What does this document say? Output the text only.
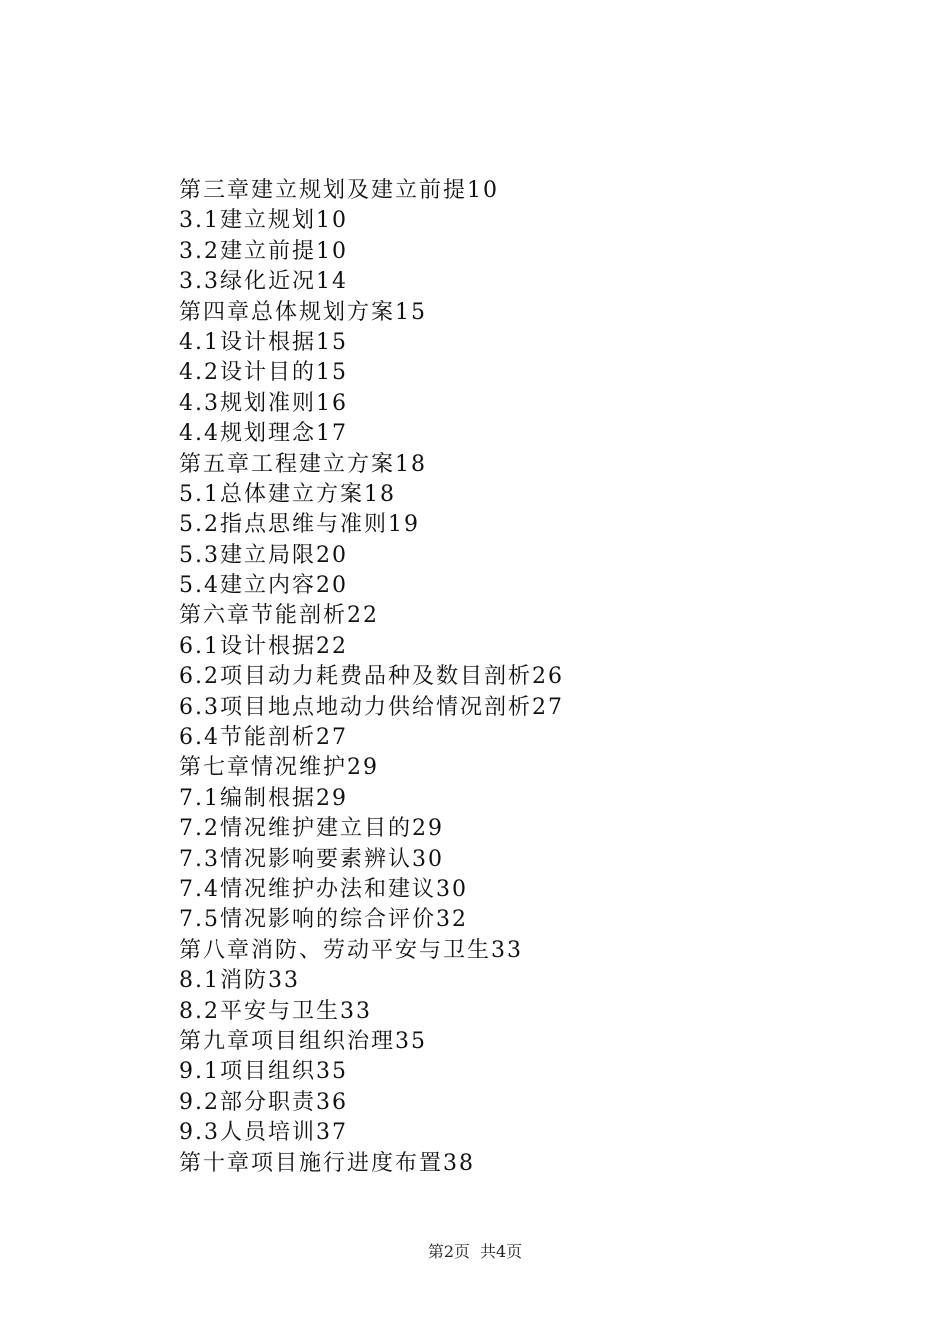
第三章建立规划及建立前提10
3.1建立规划10
3.2建立前提10
3.3绿化近况14
第四章总体规划方案15
4.1设计根据15
4.2设计目的15
4.3规划准则16
4.4规划理念17
第五章工程建立方案18
5.1总体建立方案18
5.2指点思维与准则19
5.3建立局限20
5.4建立内容20
第六章节能剖析22
6.1设计根据22
6.2项目动力耗费品种及数目剖析26
6.3项目地点地动力供给情况剖析27
6.4节能剖析27
第七章情况维护29
7.1编制根据29
7.2情况维护建立目的29
7.3情况影响要素辨认30
7.4情况维护办法和建议30
7.5情况影响的综合评价32
第八章消防、劳动平安与卫生33
8.1消防33
8.2平安与卫生33
第九章项目组织治理35
9.1项目组织35
9.2部分职责36
9.3人员培训37
第十章项目施行进度布置38
第2页 共4页
